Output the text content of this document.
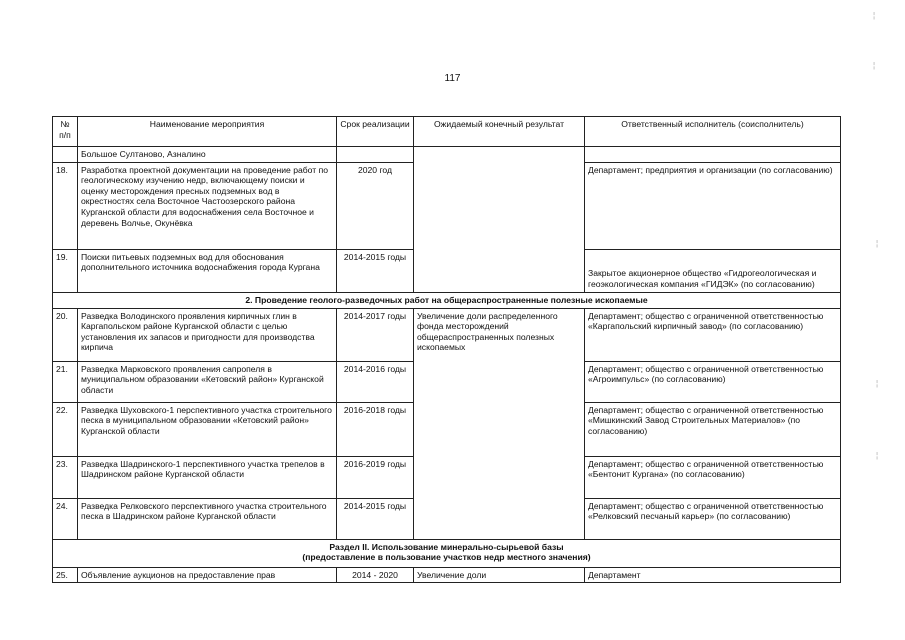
117
¦
¦
¦
¦
¦
№ п/п	Наименование мероприятия	Срок реализации	Ожидаемый конечный результат	Ответственный исполнитель (соисполнитель)
	Большое Султаново, Азналино			
18.	Разработка проектной документации на проведение работ по геологическому изучению недр, включающему поиски и оценку месторождения пресных подземных вод в окрестностях села Восточное Частоозерского района Курганской области для водоснабжения села Восточное и деревень Волчье, Окунёвка	2020 год		Департамент; предприятия и организации (по согласованию)
19.	Поиски питьевых подземных вод для обоснования дополнительного источника водоснабжения города Кургана	2014-2015 годы		Закрытое акционерное общество «Гидрогеологическая и геоэкологическая компания «ГИДЭК» (по согласованию)
2. Проведение геолого-разведочных работ на общераспространенные полезные ископаемые				
20.	Разведка Володинского проявления кирпичных глин в Каргапольском районе Курганской области с целью установления их запасов и пригодности для производства кирпича	2014-2017 годы	Увеличение доли распределенного фонда месторождений общераспространенных полезных ископаемых	Департамент; общество с ограниченной ответственностью «Каргапольский кирпичный завод» (по согласованию)
21.	Разведка Марковского проявления сапропеля в муниципальном образовании «Кетовский район» Курганской области	2014-2016 годы		Департамент; общество с ограниченной ответственностью «Агроимпульс» (по согласованию)
22.	Разведка Шуховского-1 перспективного участка строительного песка в муниципальном образовании «Кетовский район» Курганской области	2016-2018 годы		Департамент; общество с ограниченной ответственностью «Мишкинский Завод Строительных Материалов» (по согласованию)
23.	Разведка Шадринского-1 перспективного участка трепелов в Шадринском районе Курганской области	2016-2019 годы		Департамент; общество с ограниченной ответственностью «Бентонит Кургана» (по согласованию)
24.	Разведка Релковского перспективного участка строительного песка в Шадринском районе Курганской области	2014-2015 годы		Департамент; общество с ограниченной ответственностью «Релковский песчаный карьер» (по согласованию)

Раздел II. Использование минерально-сырьевой базы
(предоставление в пользование участков недр местного значения)				

25.	Объявление аукционов на предоставление прав	2014 - 2020	Увеличение доли	Департамент
